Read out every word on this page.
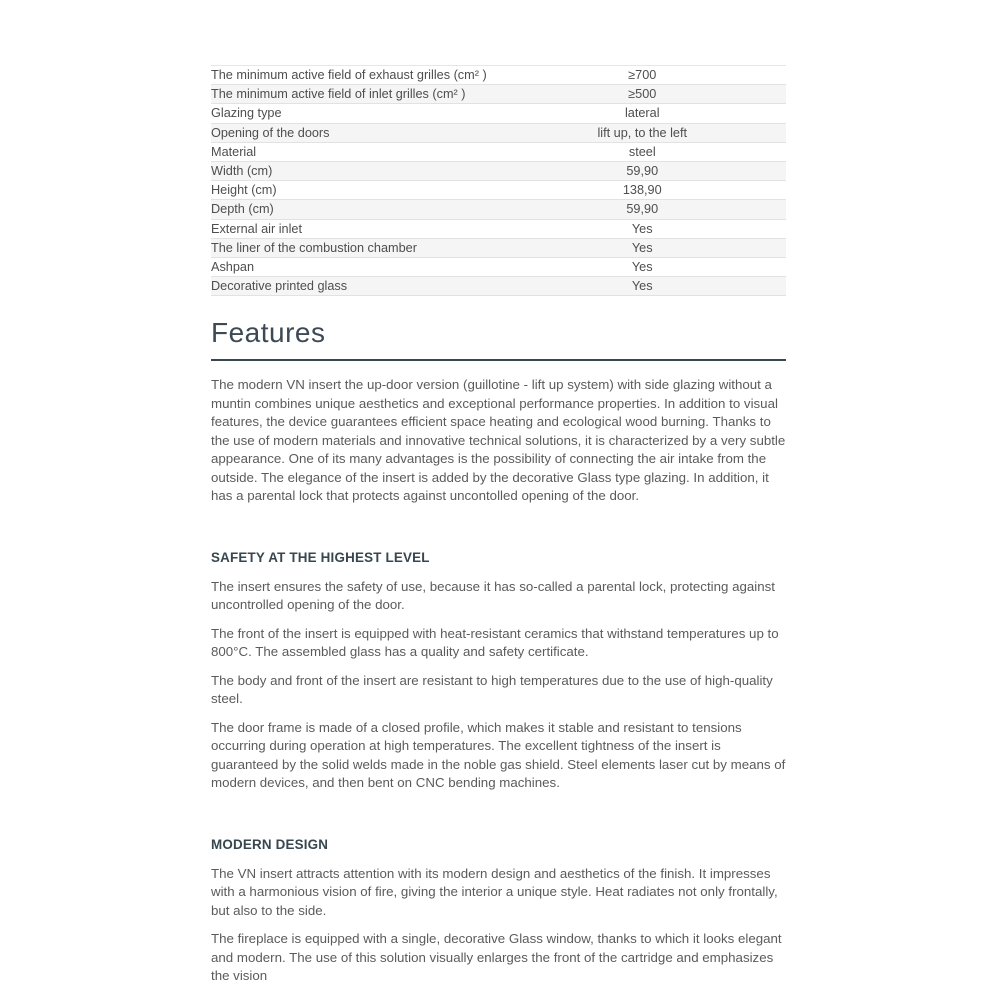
The minimum active field of exhaust grilles (cm² )	≥700
The minimum active field of inlet grilles (cm² )	≥500
Glazing type	lateral
Opening of the doors	lift up, to the left
Material	steel
Width (cm)	59,90
Height (cm)	138,90
Depth (cm)	59,90
External air inlet	Yes
The liner of the combustion chamber	Yes
Ashpan	Yes
Decorative printed glass	Yes
Features

The modern VN insert the up-door version (guillotine - lift up system) with side glazing without a muntin combines unique aesthetics and exceptional performance properties. In addition to visual features, the device guarantees efficient space heating and ecological wood burning. Thanks to the use of modern materials and innovative technical solutions, it is characterized by a very subtle appearance. One of its many advantages is the possibility of connecting the air intake from the outside. The elegance of the insert is added by the decorative Glass type glazing. In addition, it has a parental lock that protects against uncontolled opening of the door.

SAFETY AT THE HIGHEST LEVEL

The insert ensures the safety of use, because it has so-called a parental lock, protecting against uncontrolled opening of the door.

The front of the insert is equipped with heat-resistant ceramics that withstand temperatures up to 800°C. The assembled glass has a quality and safety certificate.

The body and front of the insert are resistant to high temperatures due to the use of high-quality steel.

The door frame is made of a closed profile, which makes it stable and resistant to tensions occurring during operation at high temperatures. The excellent tightness of the insert is guaranteed by the solid welds made in the noble gas shield. Steel elements laser cut by means of modern devices, and then bent on CNC bending machines.

MODERN DESIGN

The VN insert attracts attention with its modern design and aesthetics of the finish. It impresses with a harmonious vision of fire, giving the interior a unique style. Heat radiates not only frontally, but also to the side.

The fireplace is equipped with a single, decorative Glass window, thanks to which it looks elegant and modern. The use of this solution visually enlarges the front of the cartridge and emphasizes the vision
